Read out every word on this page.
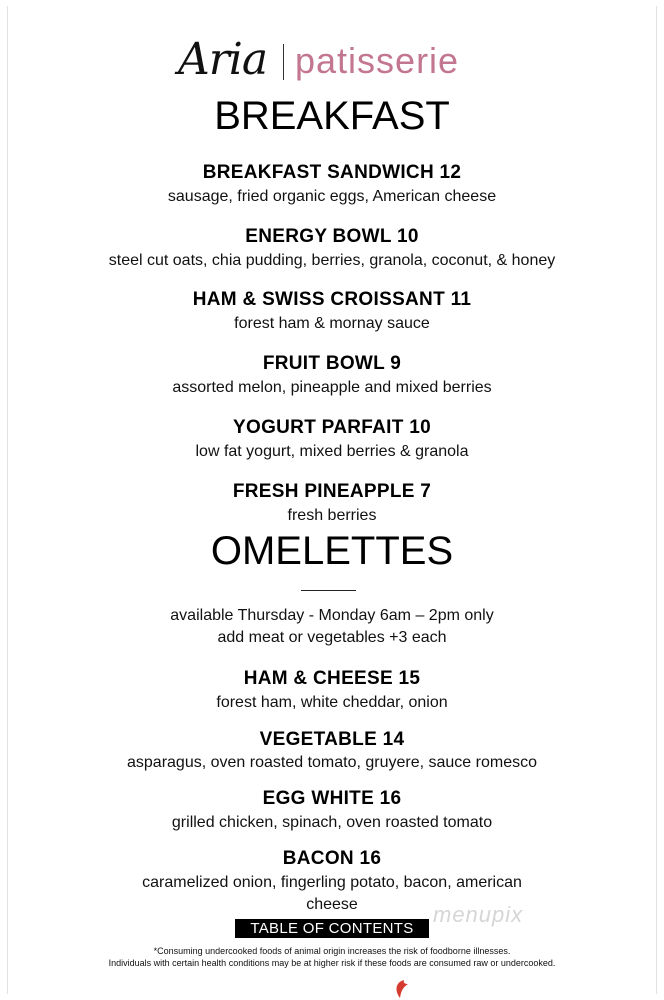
Aria patisserie
BREAKFAST
BREAKFAST SANDWICH 12
sausage, fried organic eggs, American cheese
ENERGY BOWL 10
steel cut oats, chia pudding, berries, granola, coconut, & honey
HAM & SWISS CROISSANT 11
forest ham & mornay sauce
FRUIT BOWL 9
assorted melon, pineapple and mixed berries
YOGURT PARFAIT 10
low fat yogurt, mixed berries & granola
FRESH PINEAPPLE 7
fresh berries
OMELETTES
available Thursday - Monday 6am – 2pm only
add meat or vegetables +3 each
HAM & CHEESE 15
forest ham, white cheddar, onion
VEGETABLE 14
asparagus, oven roasted tomato, gruyere, sauce romesco
EGG WHITE 16
grilled chicken, spinach, oven roasted tomato
BACON 16
caramelized onion, fingerling potato, bacon, american
cheese	menupix
TABLE OF CONTENTS
*Consuming undercooked foods of animal origin increases the risk of foodborne illnesses.
Individuals with certain health conditions may be at higher risk if these foods are consumed raw or undercooked.
